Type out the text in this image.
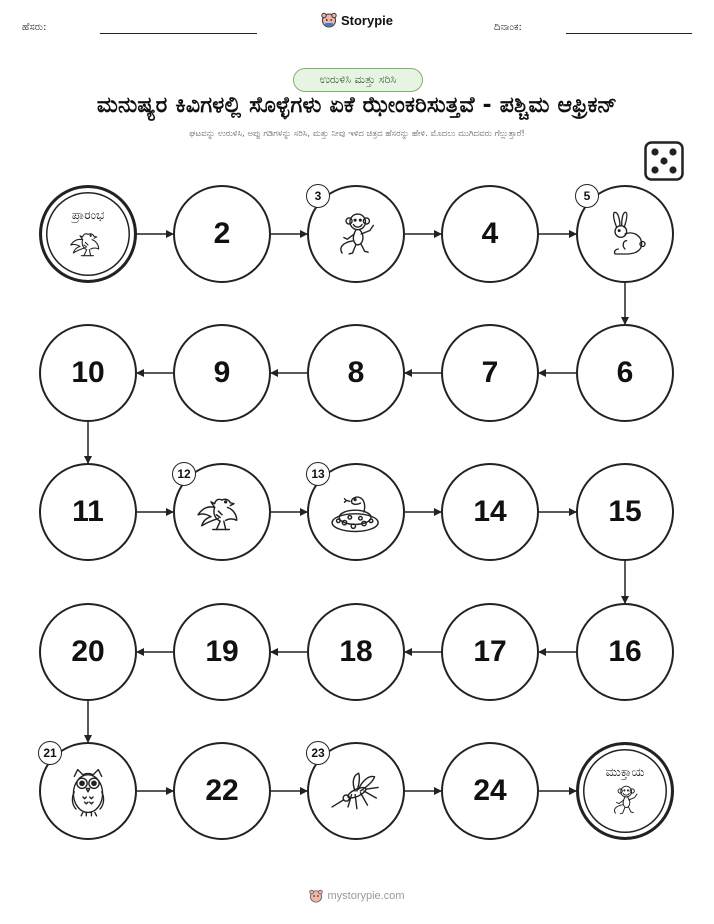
ಹೆಸರು:	ದಿನಾಂಕ:
Storypie
ಉರುಳಿಸಿ ಮತ್ತು ಸರಿಸಿ
ಮನುಷ್ಯರ ಕಿವಿಗಳಲ್ಲಿ ಸೊಳ್ಳೆಗಳು ಏಕೆ ಝೇಂಕರಿಸುತ್ತವೆ - ಪಶ್ಚಿಮ ಆಫ್ರಿಕನ್
ಘಟವನ್ನು ಉರುಳಿಸಿ, ಅಪ್ಪು ಗಡಿಗಳನ್ನು ಸರಿಸಿ, ಮತ್ತು ನೀವು ಇಳಿದ ಚಿತ್ರದ ಹೆಸರನ್ನು ಹೇಳಿ. ಮೊದಲು ಮುಗಿದವರು ಗೆಲ್ಲುತ್ತಾರೆ!
ಪ್ರಾರಂಭ
2
3
4
5
6
7
8
9
10
11
12	13
14	15
16
17
18
19
20
21
22
23
24
ಮುಕ್ತಾಯ
mystorypie.com
